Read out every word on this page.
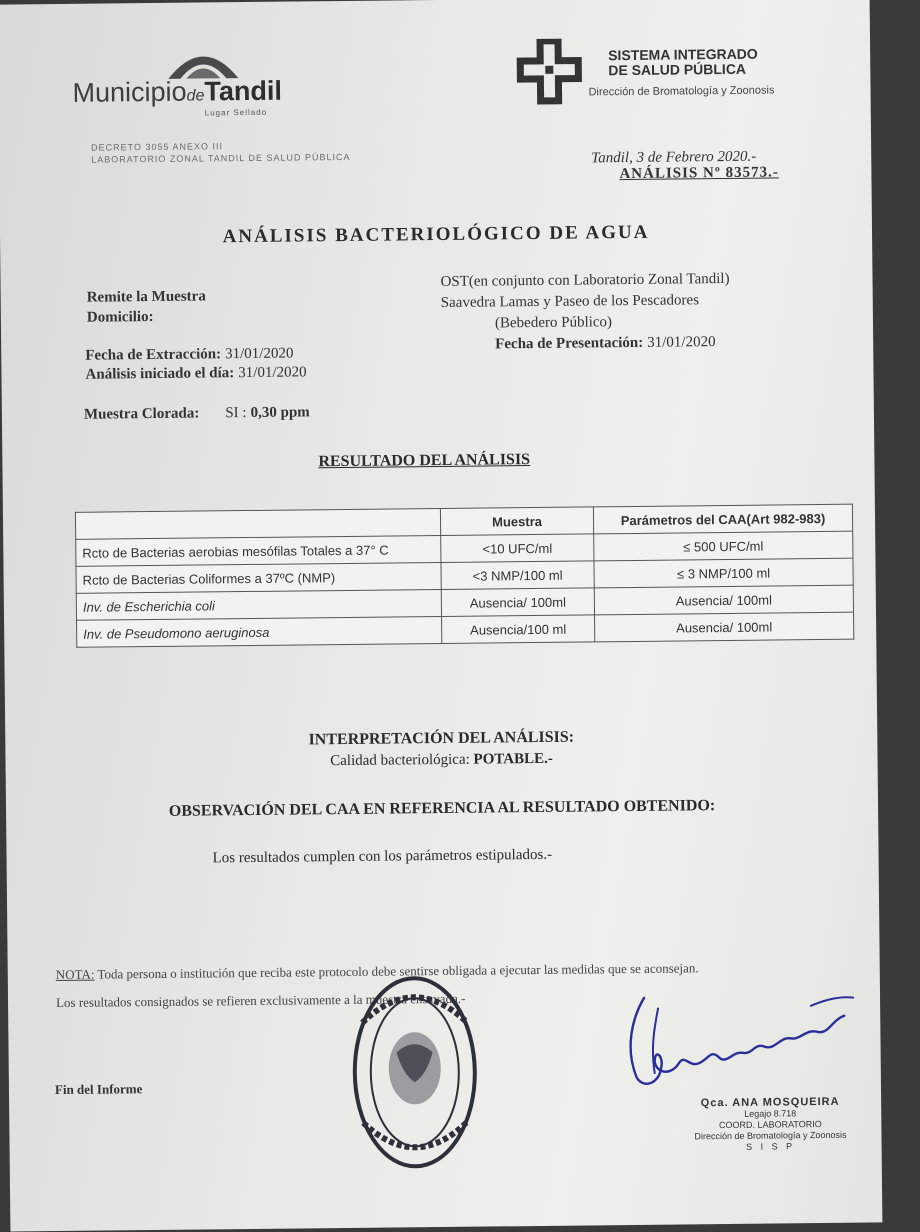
MunicipiodeTandil
Lugar Sellado
SISTEMA INTEGRADO
DE SALUD PÚBLICA
Dirección de Bromatología y Zoonosis
DECRETO 3055 ANEXO III
LABORATORIO ZONAL TANDIL DE SALUD PÚBLICA	Tandil, 3 de Febrero 2020.-
ANÁLISIS Nº 83573.-
ANÁLISIS BACTERIOLÓGICO DE AGUA
Remite la Muestra
Domicilio:
OST(en conjunto con Laboratorio Zonal Tandil)
Saavedra Lamas y Paseo de los Pescadores
(Bebedero Público)
Fecha de Extracción: 31/01/2020
Análisis iniciado el día: 31/01/2020
Fecha de Presentación: 31/01/2020
Muestra Clorada: SI : 0,30 ppm
RESULTADO DEL ANÁLISIS
	Muestra	Parámetros del CAA(Art 982-983)
Rcto de Bacterias aerobias mesófilas Totales a 37° C	<10 UFC/ml	≤ 500 UFC/ml
Rcto de Bacterias Coliformes a 37ºC (NMP)	<3 NMP/100 ml	≤ 3 NMP/100 ml
Inv. de Escherichia coli	Ausencia/ 100ml	Ausencia/ 100ml
Inv. de Pseudomono aeruginosa	Ausencia/100 ml	Ausencia/ 100ml
INTERPRETACIÓN DEL ANÁLISIS:
Calidad bacteriológica: POTABLE.-
OBSERVACIÓN DEL CAA EN REFERENCIA AL RESULTADO OBTENIDO:
Los resultados cumplen con los parámetros estipulados.-
NOTA: Toda persona o institución que reciba este protocolo debe sentirse obligada a ejecutar las medidas que se aconsejan.
Los resultados consignados se refieren exclusivamente a la muestra ensayada.-
Fin del Informe
Qca. ANA MOSQUEIRA
Legajo 8.718
COORD. LABORATORIO
Dirección de Bromatología y Zoonosis
S I S P
